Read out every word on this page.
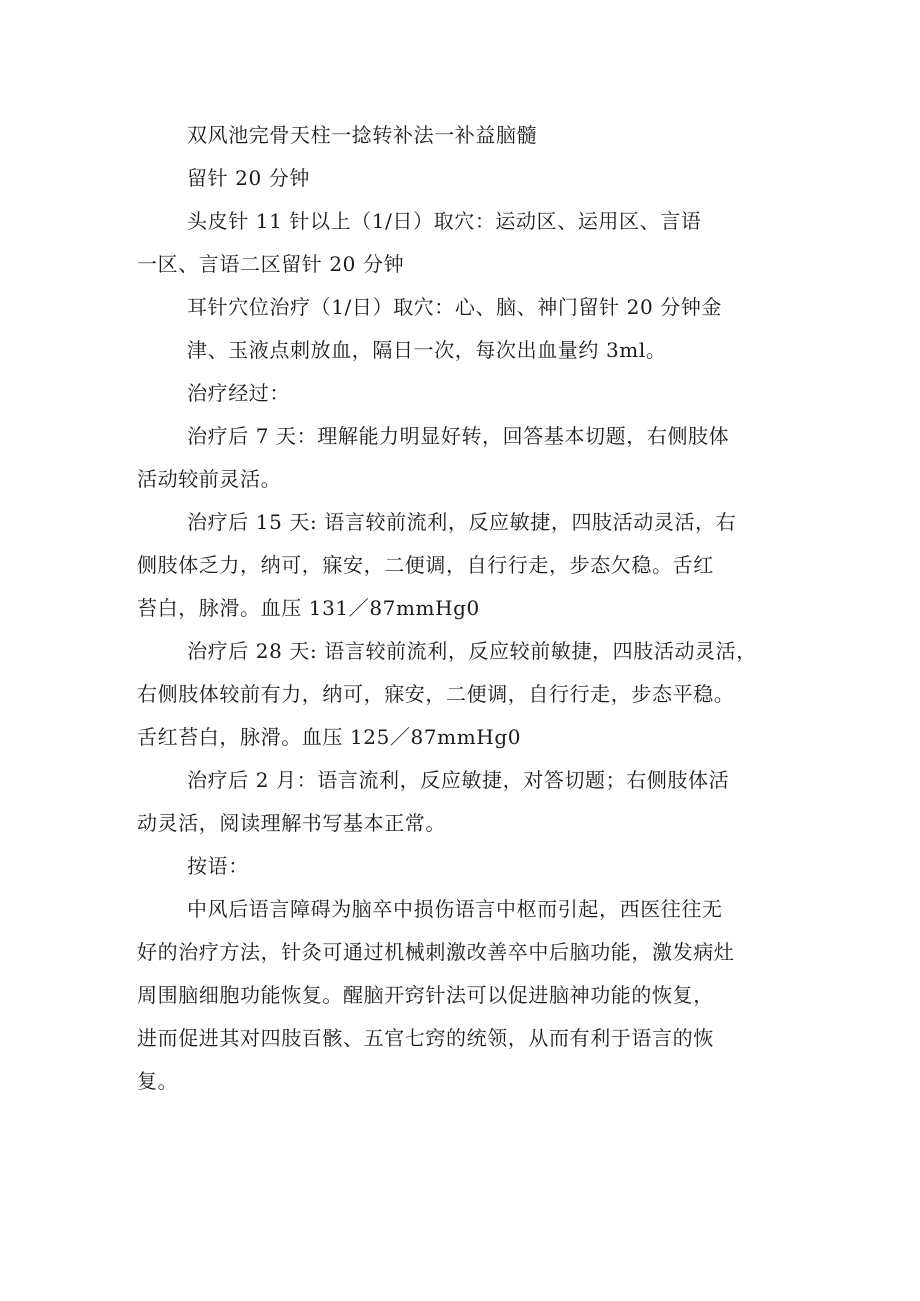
双风池完骨天柱一捻转补法一补益脑髓
留针 20 分钟
头皮针 11 针以上（1/日）取穴：运动区、运用区、言语
一区、言语二区留针 20 分钟
耳针穴位治疗（1/日）取穴：心、脑、神门留针 20 分钟金
津、玉液点刺放血，隔日一次，每次出血量约 3ml。
治疗经过：
治疗后 7 天：理解能力明显好转，回答基本切题，右侧肢体
活动较前灵活。
治疗后 15 天: 语言较前流利，反应敏捷，四肢活动灵活，右
侧肢体乏力，纳可，寐安，二便调，自行行走，步态欠稳。舌红
苔白，脉滑。血压 131／87mmHg0
治疗后 28 天: 语言较前流利，反应较前敏捷，四肢活动灵活，
右侧肢体较前有力，纳可，寐安，二便调，自行行走，步态平稳。
舌红苔白，脉滑。血压 125／87mmHg0
治疗后 2 月：语言流利，反应敏捷，对答切题；右侧肢体活
动灵活，阅读理解书写基本正常。
按语：
中风后语言障碍为脑卒中损伤语言中枢而引起，西医往往无
好的治疗方法，针灸可通过机械刺激改善卒中后脑功能，激发病灶
周围脑细胞功能恢复。醒脑开窍针法可以促进脑神功能的恢复，
进而促进其对四肢百骸、五官七窍的统领，从而有利于语言的恢
复。
